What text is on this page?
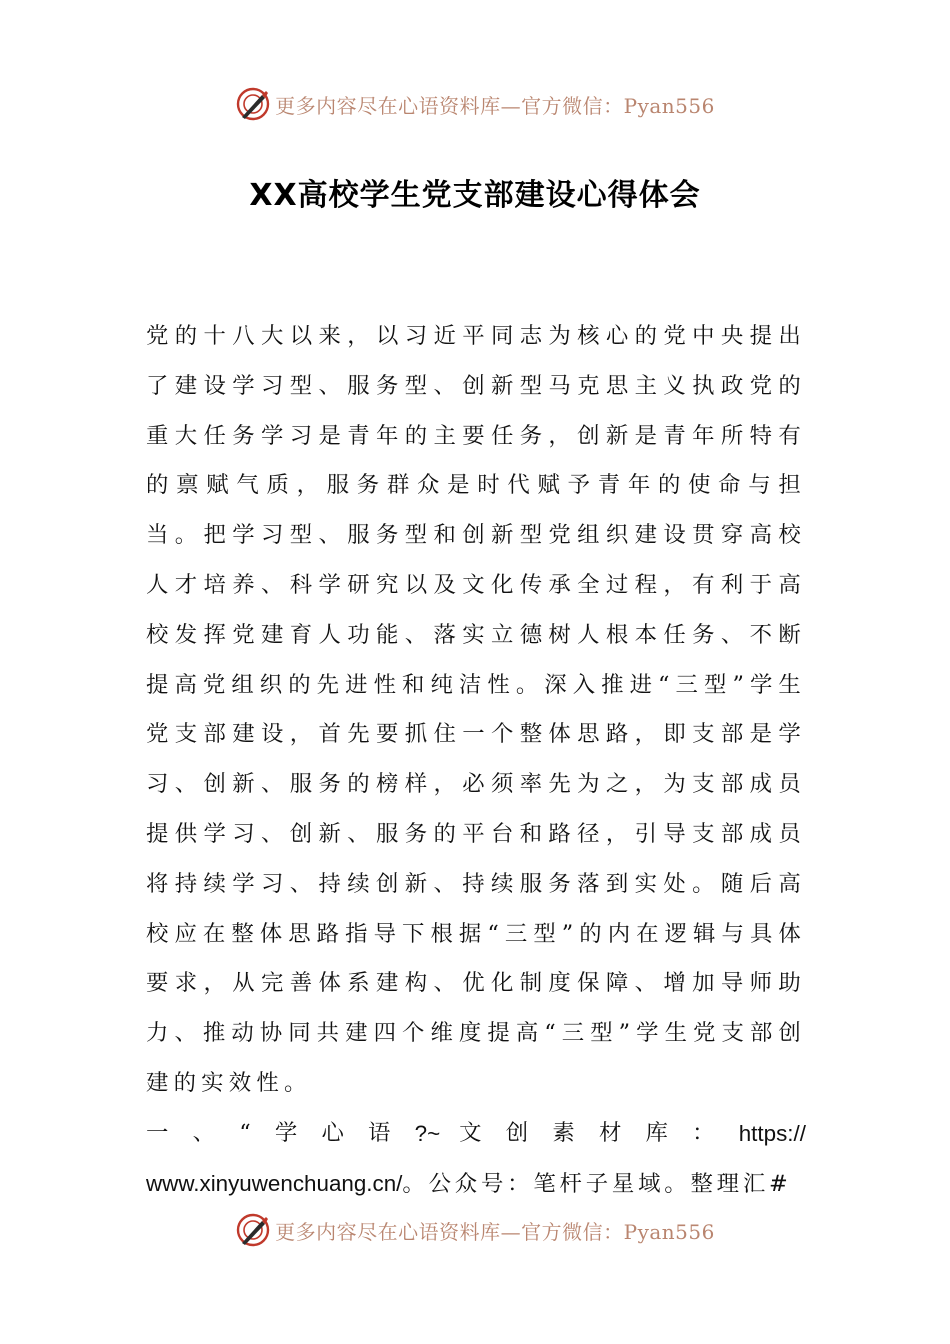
更多内容尽在心语资料库—官方微信：Pyan556
XX高校学生党支部建设心得体会

党的十八大以来，以习近平同志为核心的党中央提出了建设学习型、服务型、创新型马克思主义执政党的重大任务学习是青年的主要任务，创新是青年所特有的禀赋气质，服务群众是时代赋予青年的使命与担当。把学习型、服务型和创新型党组织建设贯穿高校人才培养、科学研究以及文化传承全过程，有利于高校发挥党建育人功能、落实立德树人根本任务、不断提高党组织的先进性和纯洁性。深入推进“三型”学生党支部建设，首先要抓住一个整体思路，即支部是学习、创新、服务的榜样，必须率先为之，为支部成员提供学习、创新、服务的平台和路径，引导支部成员将持续学习、持续创新、持续服务落到实处。随后高校应在整体思路指导下根据“三型”的内在逻辑与具体要求，从完善体系建构、优化制度保障、增加导师助力、推动协同共建四个维度提高“三型”学生党支部创建的实效性。

一 、 “ 学 心 语 ?~ 文 创 素 材 库 ： https://

www.xinyuwenchuang.cn/。公众号：笔杆子星域。整理汇#

更多内容尽在心语资料库—官方微信：Pyan556
